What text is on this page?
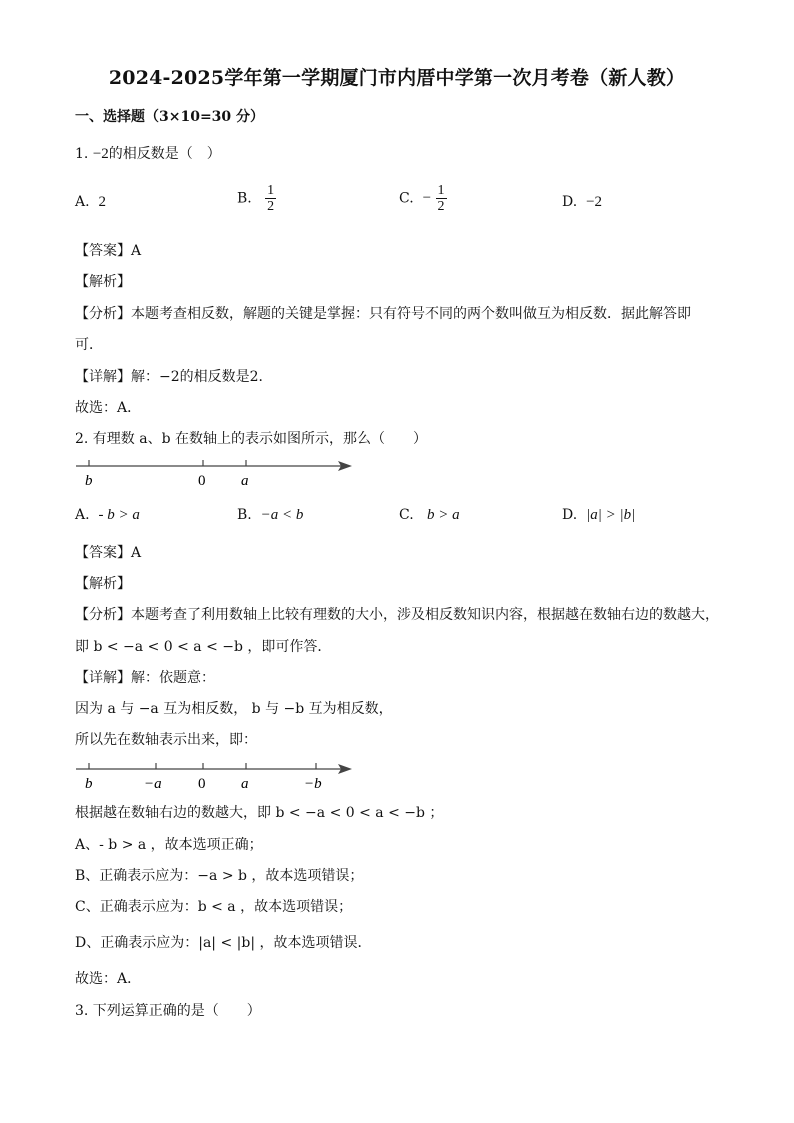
2024-2025学年第一学期厦门市内厝中学第一次月考卷（新人教）
一、选择题（3×10=30 分）
1. −2的相反数是（　）
A. 2	B. $\frac{1}{2}$	C. − $\frac{1}{2}$	D. −2
【答案】A
【解析】
【分析】本题考查相反数，解题的关键是掌握：只有符号不同的两个数叫做互为相反数．据此解答即
可．
【详解】解：−2的相反数是2．
故选：A．
2. 有理数 a、b 在数轴上的表示如图所示，那么（　　）
b	0 a
A. - b > a	B. −a < b	C. b > a	D. |a| > |b|
【答案】A
【解析】
【分析】本题考查了利用数轴上比较有理数的大小，涉及相反数知识内容，根据越在数轴右边的数越大，
即 b < −a < 0 < a < −b ，即可作答．
【详解】解：依题意：
因为 a 与 −a 互为相反数， b 与 −b 互为相反数，
所以先在数轴表示出来，即：
b	−a 0 a	−b
根据越在数轴右边的数越大，即 b < −a < 0 < a < −b ；
A、- b > a ，故本选项正确；
B、正确表示应为：−a > b ，故本选项错误；
C、正确表示应为：b < a ，故本选项错误；
D、正确表示应为：|a| < |b| ，故本选项错误．
故选：A．
3. 下列运算正确的是（　　）
